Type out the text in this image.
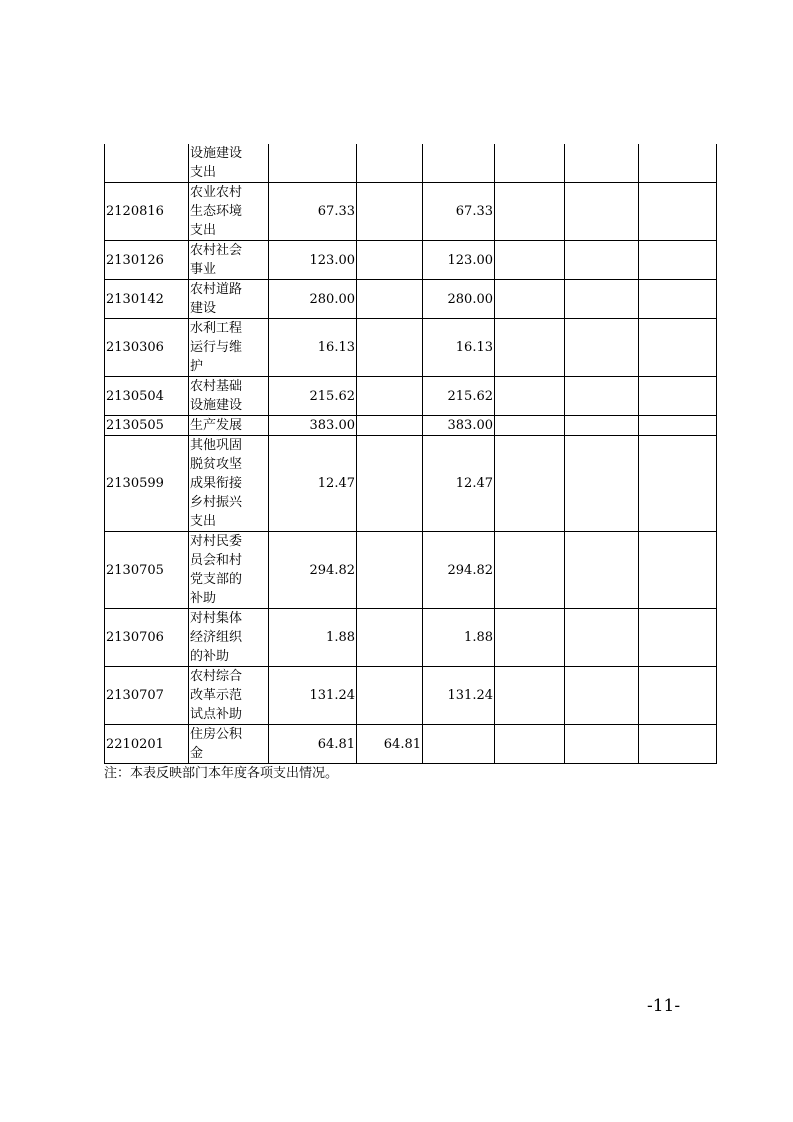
	设施建设
支出						

2120816	农业农村
生态环境
支出	67.33		67.33			
2130126	农村社会
事业	123.00		123.00			
2130142	农村道路
建设	280.00		280.00			
2130306	水利工程
运行与维
护	16.13		16.13			
2130504	农村基础
设施建设	215.62		215.62			
2130505	生产发展	383.00		383.00			
2130599	其他巩固
脱贫攻坚
成果衔接
乡村振兴
支出	12.47		12.47			
2130705	对村民委
员会和村
党支部的
补助	294.82		294.82			
2130706	对村集体
经济组织
的补助	1.88		1.88			
2130707	农村综合
改革示范
试点补助	131.24		131.24			
2210201	住房公积
金	64.81	64.81				
注：本表反映部门本年度各项支出情况。
-11-
